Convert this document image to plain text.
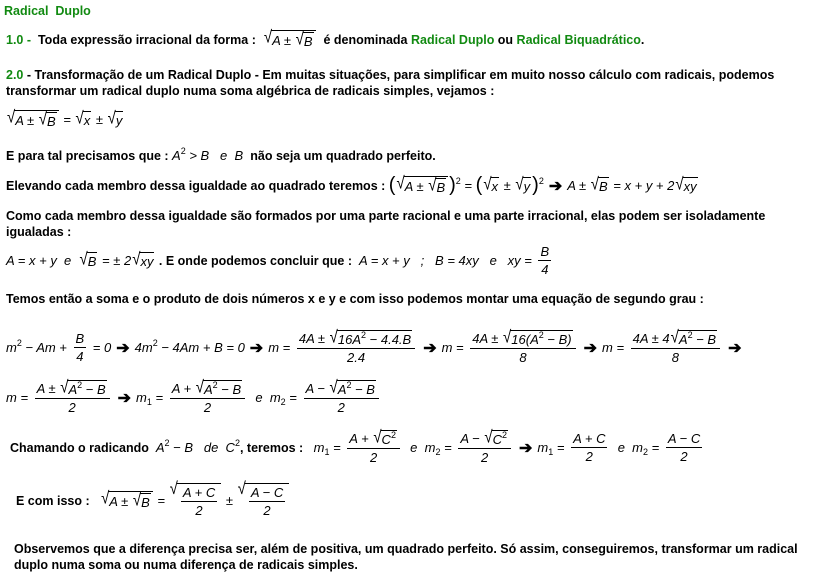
Radical  Duplo
1.0 - Toda expressão irracional da forma : √ A ± √ B é denominada Radical Duplo ou Radical Biquadrático .
2.0 - Transformação de um Radical Duplo - Em muitas situações, para simplificar em muito nosso cálculo com radicais, podemos transformar um radical duplo numa soma algébrica de radicais simples, vejamos :
√ A ± √ B = √ x ± √ y
E para tal precisamos que : A 2 > B   e  B não seja um quadrado perfeito.
Elevando cada membro dessa igualdade ao quadrado teremos : ( √ A ± √ B ) 2 = ( √ x ± √ y ) 2 ➔ A ± √ B = x + y + 2 √ xy
Como cada membro dessa igualdade são formados por uma parte racional e uma parte irracional, elas podem ser isoladamente igualadas :
A = x + y  e √ B = ± 2 √ xy . E onde podemos concluir que : A = x + y   ;   B = 4xy   e   xy = $\frac{B}{4}$
Temos então a soma e o produto de dois números x e y e com isso podemos montar uma equação de segundo grau :
m $2 - Am + \frac{B}{4} = 0$ ➔ 4m 2 − 4Am + B = 0 ➔ $m = \frac{4A \pm √ 16A 2 - 4.4.B}{2.4}$ ➔ $m = \frac{4A \pm √ 16(A 2 - B)}{8}$ ➔ $m = \frac{4A \pm 4 √ A 2 - B}{8}$ ➔
$m = \frac{A \pm √ A 2 - B}{2}$ ➔ m $1 = \frac{A + √ A 2 - B}{2}$ e  m $2 = \frac{A - √ A 2 - B}{2}$
Chamando o radicando A 2 − B   de  C 2 , teremos : m $1 = \frac{A + √ C 2}{2}$ e  m $2 = \frac{A - √ C 2}{2}$ ➔ m $1 = \frac{A + C}{2}$ e  m $2 = \frac{A - C}{2}$
E com isso : √ A ± √ B =
√ $\frac{A + C}{2}$ ±
√ $\frac{A - C}{2}$
Observemos que a diferença precisa ser, além de positiva, um quadrado perfeito. Só assim, conseguiremos, transformar um radical duplo numa soma ou numa diferença de radicais simples.
